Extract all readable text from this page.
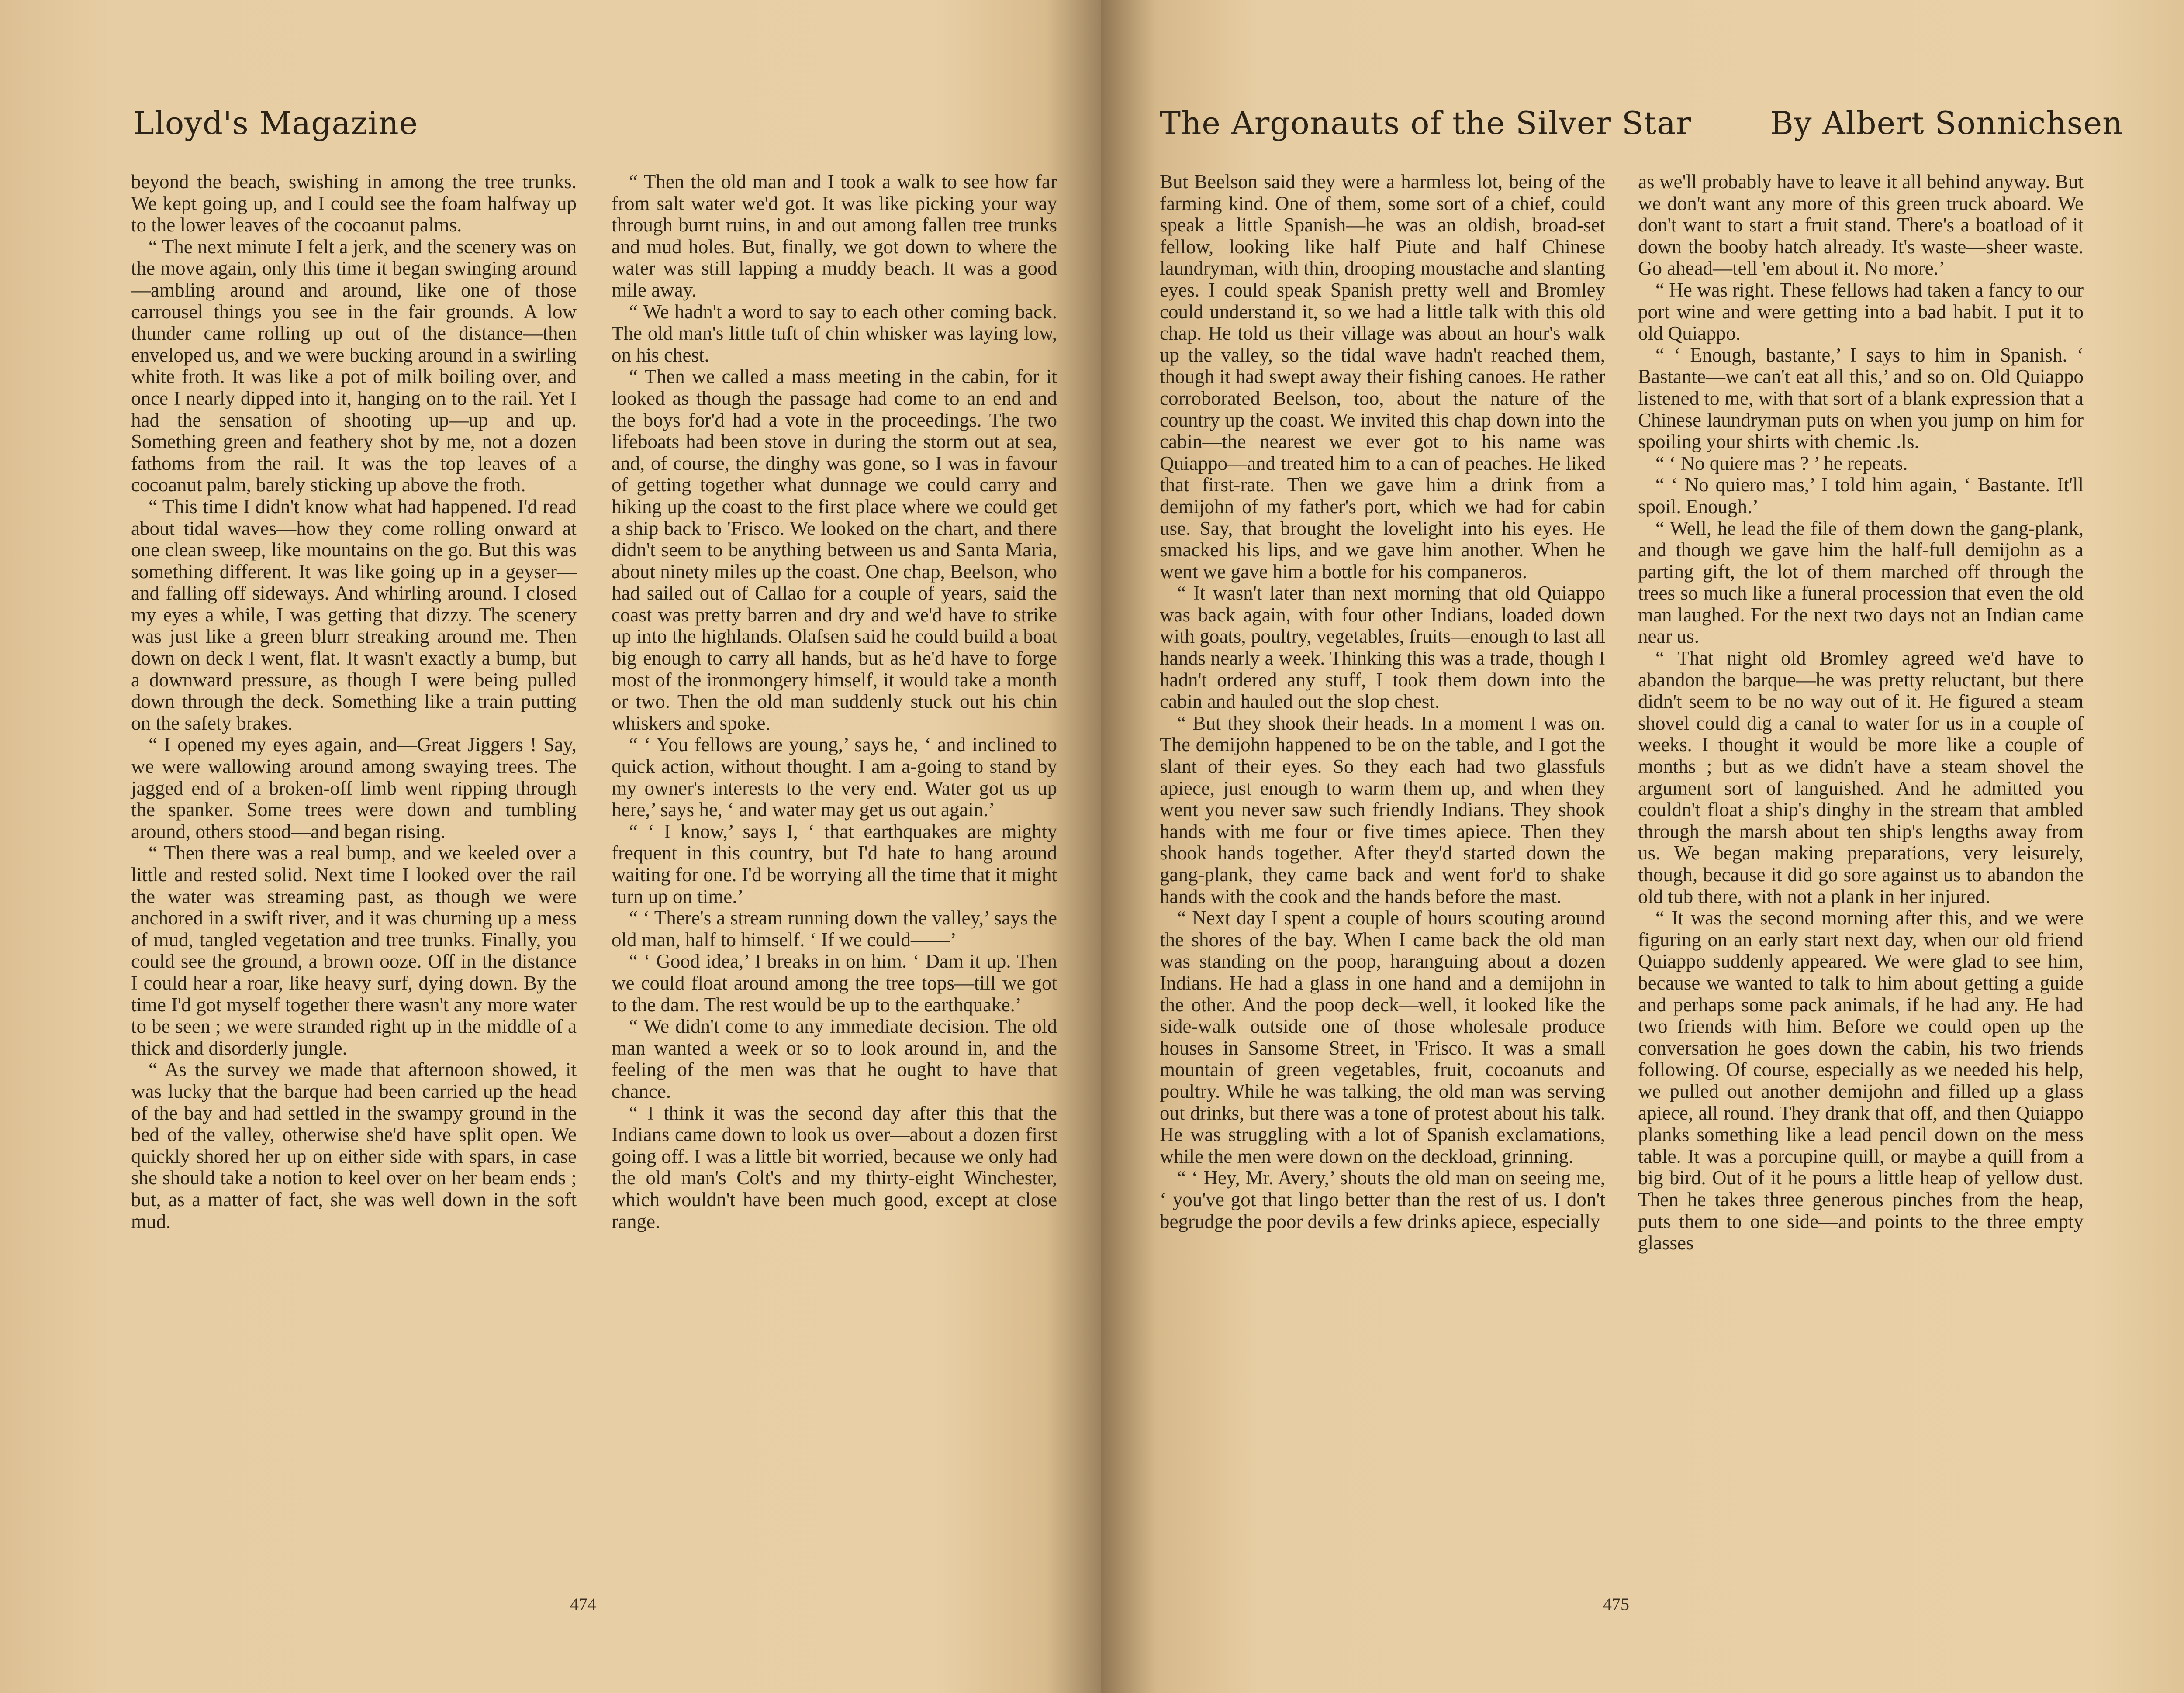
Lloyd's Magazine

beyond the beach, swishing in among the tree trunks. We kept going up, and I could see the foam halfway up to the lower leaves of the cocoanut palms.

“ The next minute I felt a jerk, and the scenery was on the move again, only this time it began swinging around—ambling around and around, like one of those carrousel things you see in the fair grounds. A low thunder came rolling up out of the distance—then enveloped us, and we were bucking around in a swirling white froth. It was like a pot of milk boiling over, and once I nearly dipped into it, hanging on to the rail. Yet I had the sensation of shooting up—up and up. Something green and feathery shot by me, not a dozen fathoms from the rail. It was the top leaves of a cocoanut palm, barely sticking up above the froth.

“ This time I didn't know what had happened. I'd read about tidal waves—how they come rolling onward at one clean sweep, like mountains on the go. But this was something different. It was like going up in a geyser—and falling off sideways. And whirling around. I closed my eyes a while, I was getting that dizzy. The scenery was just like a green blurr streaking around me. Then down on deck I went, flat. It wasn't exactly a bump, but a downward pressure, as though I were being pulled down through the deck. Something like a train putting on the safety brakes.

“ I opened my eyes again, and—Great Jiggers ! Say, we were wallowing around among swaying trees. The jagged end of a broken-off limb went ripping through the spanker. Some trees were down and tumbling around, others stood—and began rising.

“ Then there was a real bump, and we keeled over a little and rested solid. Next time I looked over the rail the water was streaming past, as though we were anchored in a swift river, and it was churning up a mess of mud, tangled vegetation and tree trunks. Finally, you could see the ground, a brown ooze. Off in the distance I could hear a roar, like heavy surf, dying down. By the time I'd got myself together there wasn't any more water to be seen ; we were stranded right up in the middle of a thick and disorderly jungle.

“ As the survey we made that afternoon showed, it was lucky that the barque had been carried up the head of the bay and had settled in the swampy ground in the bed of the valley, otherwise she'd have split open. We quickly shored her up on either side with spars, in case she should take a notion to keel over on her beam ends ; but, as a matter of fact, she was well down in the soft mud.

“ Then the old man and I took a walk to see how far from salt water we'd got. It was like picking your way through burnt ruins, in and out among fallen tree trunks and mud holes. But, finally, we got down to where the water was still lapping a muddy beach. It was a good mile away.

“ We hadn't a word to say to each other coming back. The old man's little tuft of chin whisker was laying low, on his chest.

“ Then we called a mass meeting in the cabin, for it looked as though the passage had come to an end and the boys for'd had a vote in the proceedings. The two lifeboats had been stove in during the storm out at sea, and, of course, the dinghy was gone, so I was in favour of getting together what dunnage we could carry and hiking up the coast to the first place where we could get a ship back to 'Frisco. We looked on the chart, and there didn't seem to be anything between us and Santa Maria, about ninety miles up the coast. One chap, Beelson, who had sailed out of Callao for a couple of years, said the coast was pretty barren and dry and we'd have to strike up into the highlands. Olafsen said he could build a boat big enough to carry all hands, but as he'd have to forge most of the ironmongery himself, it would take a month or two. Then the old man suddenly stuck out his chin whiskers and spoke.

“ ‘ You fellows are young,’ says he, ‘ and inclined to quick action, without thought. I am a-going to stand by my owner's interests to the very end. Water got us up here,’ says he, ‘ and water may get us out again.’

“ ‘ I know,’ says I, ‘ that earthquakes are mighty frequent in this country, but I'd hate to hang around waiting for one. I'd be worrying all the time that it might turn up on time.’

“ ‘ There's a stream running down the valley,’ says the old man, half to himself. ‘ If we could——’

“ ‘ Good idea,’ I breaks in on him. ‘ Dam it up. Then we could float around among the tree tops—till we got to the dam. The rest would be up to the earthquake.’

“ We didn't come to any immediate decision. The old man wanted a week or so to look around in, and the feeling of the men was that he ought to have that chance.

“ I think it was the second day after this that the Indians came down to look us over—about a dozen first going off. I was a little bit worried, because we only had the old man's Colt's and my thirty-eight Winchester, which wouldn't have been much good, except at close range.

474
The Argonauts of the Silver Star	By Albert Sonnichsen

But Beelson said they were a harmless lot, being of the farming kind. One of them, some sort of a chief, could speak a little Spanish—he was an oldish, broad-set fellow, looking like half Piute and half Chinese laundryman, with thin, drooping moustache and slanting eyes. I could speak Spanish pretty well and Bromley could understand it, so we had a little talk with this old chap. He told us their village was about an hour's walk up the valley, so the tidal wave hadn't reached them, though it had swept away their fishing canoes. He rather corroborated Beelson, too, about the nature of the country up the coast. We invited this chap down into the cabin—the nearest we ever got to his name was Quiappo—and treated him to a can of peaches. He liked that first-rate. Then we gave him a drink from a demijohn of my father's port, which we had for cabin use. Say, that brought the lovelight into his eyes. He smacked his lips, and we gave him another. When he went we gave him a bottle for his companeros.

“ It wasn't later than next morning that old Quiappo was back again, with four other Indians, loaded down with goats, poultry, vegetables, fruits—enough to last all hands nearly a week. Thinking this was a trade, though I hadn't ordered any stuff, I took them down into the cabin and hauled out the slop chest.

“ But they shook their heads. In a moment I was on. The demijohn happened to be on the table, and I got the slant of their eyes. So they each had two glassfuls apiece, just enough to warm them up, and when they went you never saw such friendly Indians. They shook hands with me four or five times apiece. Then they shook hands together. After they'd started down the gang-plank, they came back and went for'd to shake hands with the cook and the hands before the mast.

“ Next day I spent a couple of hours scouting around the shores of the bay. When I came back the old man was standing on the poop, haranguing about a dozen Indians. He had a glass in one hand and a demijohn in the other. And the poop deck—well, it looked like the side-walk outside one of those wholesale produce houses in Sansome Street, in 'Frisco. It was a small mountain of green vegetables, fruit, cocoanuts and poultry. While he was talking, the old man was serving out drinks, but there was a tone of protest about his talk. He was struggling with a lot of Spanish exclamations, while the men were down on the deckload, grinning.

“ ‘ Hey, Mr. Avery,’ shouts the old man on seeing me, ‘ you've got that lingo better than the rest of us. I don't begrudge the poor devils a few drinks apiece, especially

as we'll probably have to leave it all behind anyway. But we don't want any more of this green truck aboard. We don't want to start a fruit stand. There's a boatload of it down the booby hatch already. It's waste—sheer waste. Go ahead—tell 'em about it. No more.’

“ He was right. These fellows had taken a fancy to our port wine and were getting into a bad habit. I put it to old Quiappo.

“ ‘ Enough, bastante,’ I says to him in Spanish. ‘ Bastante—we can't eat all this,’ and so on. Old Quiappo listened to me, with that sort of a blank expression that a Chinese laundryman puts on when you jump on him for spoiling your shirts with chemic .ls.

“ ‘ No quiere mas ? ’ he repeats.

“ ‘ No quiero mas,’ I told him again, ‘ Bastante. It'll spoil. Enough.’

“ Well, he lead the file of them down the gang-plank, and though we gave him the half-full demijohn as a parting gift, the lot of them marched off through the trees so much like a funeral procession that even the old man laughed. For the next two days not an Indian came near us.

“ That night old Bromley agreed we'd have to abandon the barque—he was pretty reluctant, but there didn't seem to be no way out of it. He figured a steam shovel could dig a canal to water for us in a couple of weeks. I thought it would be more like a couple of months ; but as we didn't have a steam shovel the argument sort of languished. And he admitted you couldn't float a ship's dinghy in the stream that ambled through the marsh about ten ship's lengths away from us. We began making preparations, very leisurely, though, because it did go sore against us to abandon the old tub there, with not a plank in her injured.

“ It was the second morning after this, and we were figuring on an early start next day, when our old friend Quiappo suddenly appeared. We were glad to see him, because we wanted to talk to him about getting a guide and perhaps some pack animals, if he had any. He had two friends with him. Before we could open up the conversation he goes down the cabin, his two friends following. Of course, especially as we needed his help, we pulled out another demijohn and filled up a glass apiece, all round. They drank that off, and then Quiappo planks something like a lead pencil down on the mess table. It was a porcupine quill, or maybe a quill from a big bird. Out of it he pours a little heap of yellow dust. Then he takes three generous pinches from the heap, puts them to one side—and points to the three empty glasses

475
